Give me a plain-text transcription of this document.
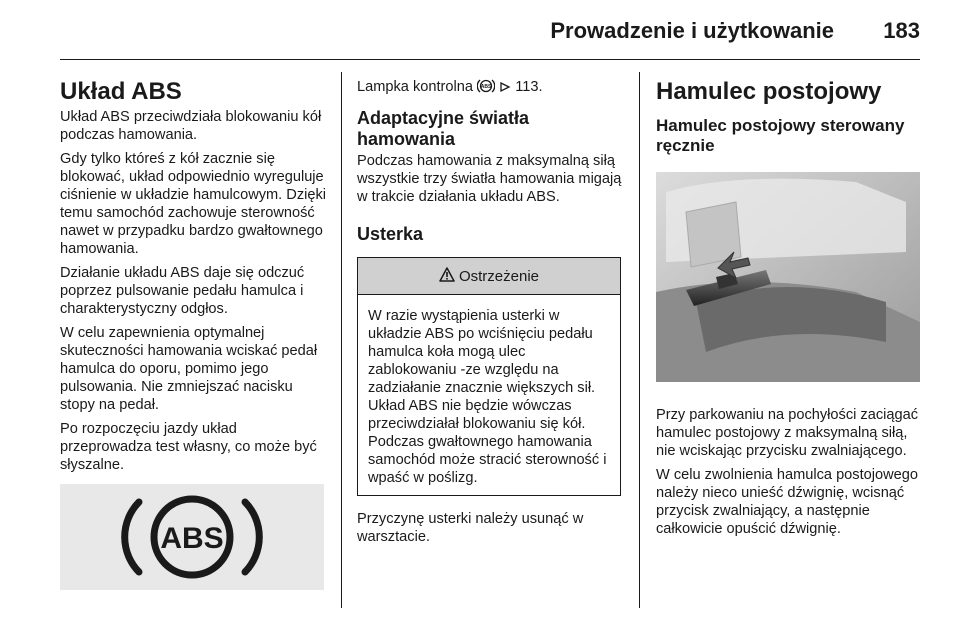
Prowadzenie i użytkowanie 183
Układ ABS

Układ ABS przeciwdziała blokowaniu kół podczas hamowania.

Gdy tylko któreś z kół zacznie się blokować, układ odpowiednio wyreguluje ciśnienie w układzie hamulcowym. Dzięki temu samochód zachowuje sterowność nawet w przypadku bardzo gwałtownego hamowania.

Działanie układu ABS daje się odczuć poprzez pulsowanie pedału hamulca i charakterystyczny odgłos.

W celu zapewnienia optymalnej skuteczności hamowania wciskać pedał hamulca do oporu, pomimo jego pulsowania. Nie zmniejszać nacisku stopy na pedał.

Po rozpoczęciu jazdy układ przeprowadza test własny, co może być słyszalne.

ABS

Lampka kontrolna ABS 113.

Adaptacyjne światła hamowania

Podczas hamowania z maksymalną siłą wszystkie trzy światła hamowania migają w trakcie działania układu ABS.

Usterka
Ostrzeżenie

W razie wystąpienia usterki w układzie ABS po wciśnięciu pedału hamulca koła mogą ulec zablokowaniu -ze względu na zadziałanie znacznie większych sił. Układ ABS nie będzie wówczas przeciwdziałał blokowaniu się kół. Podczas gwałtownego hamowania samochód może stracić sterowność i wpaść w poślizg.

Przyczynę usterki należy usunąć w warsztacie.

Hamulec postojowy
Hamulec postojowy sterowany ręcznie

Przy parkowaniu na pochyłości zaciągać hamulec postojowy z maksymalną siłą, nie wciskając przycisku zwalniającego.

W celu zwolnienia hamulca postojowego należy nieco unieść dźwignię, wcisnąć przycisk zwalniający, a następnie całkowicie opuścić dźwignię.
